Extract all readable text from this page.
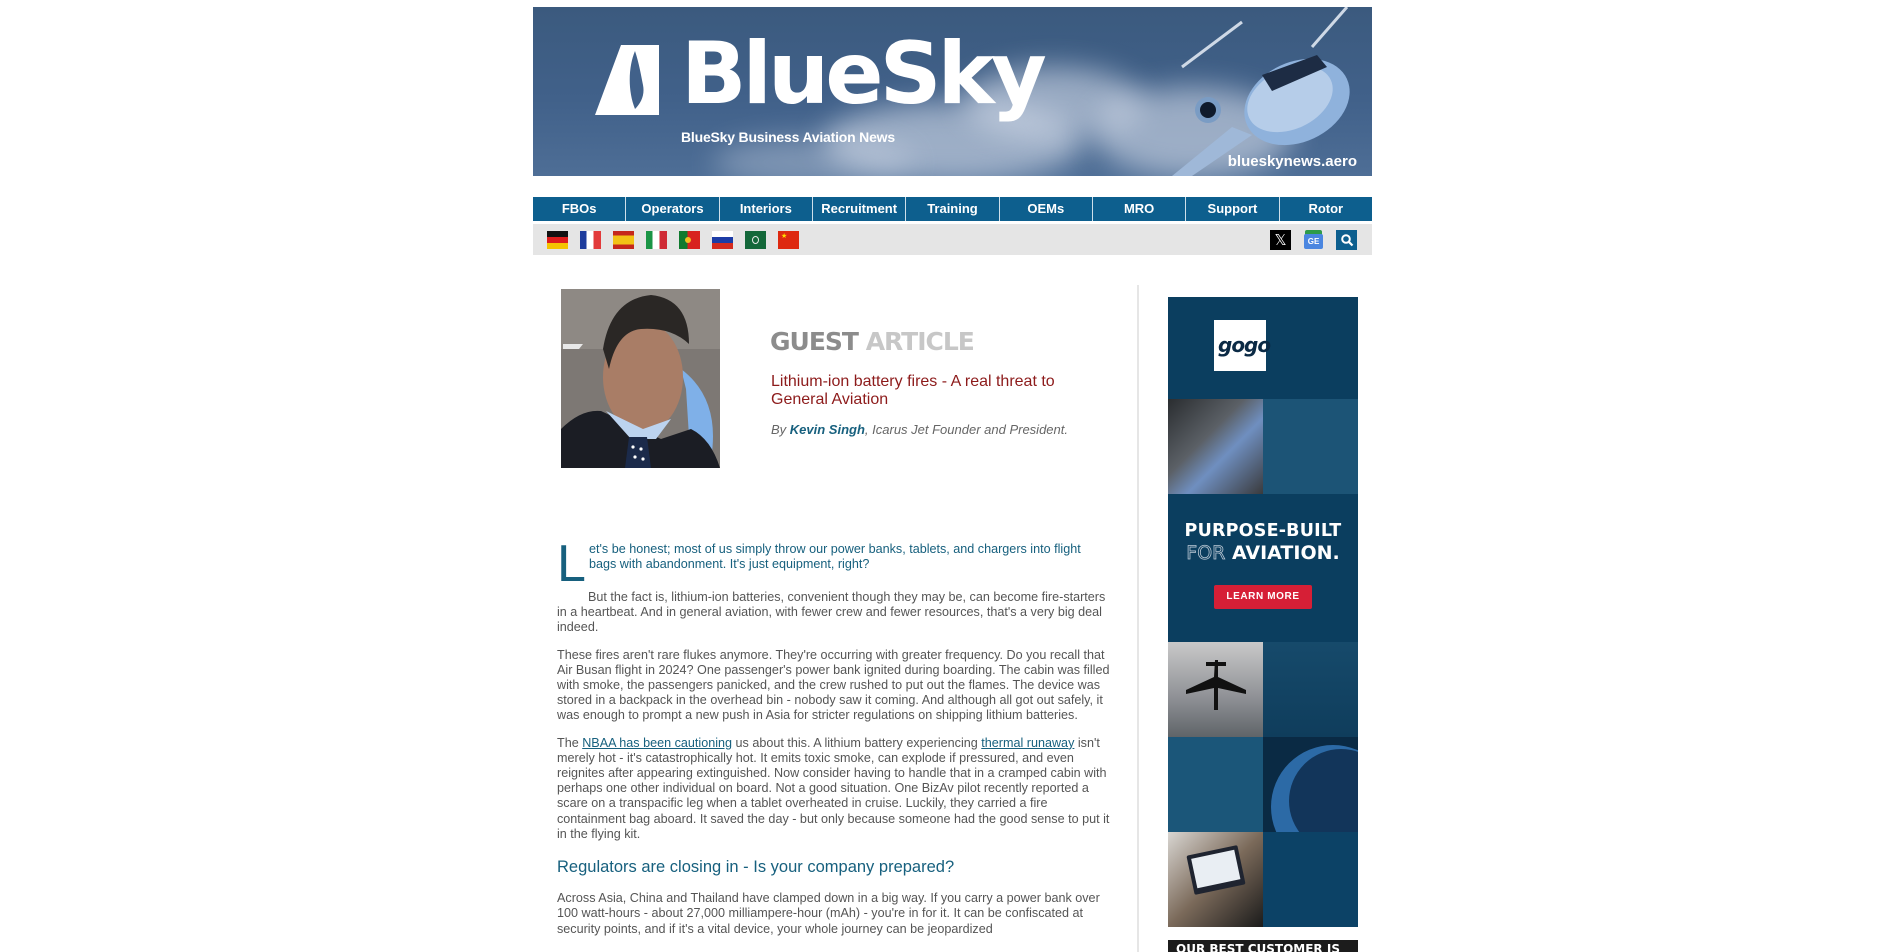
BlueSky
BlueSky Business Aviation News
blueskynews.aero
FBOs	Operators	Interiors	Recruitment	Training	OEMs	MRO	Support	Rotor
★	𝕏	GE
GUEST ARTICLE
Lithium-ion battery fires - A real threat to General Aviation
By Kevin Singh, Icarus Jet Founder and President.
L et's be honest; most of us simply throw our power banks, tablets, and chargers into flight bags with abandonment. It's just equipment, right?
But the fact is, lithium-ion batteries, convenient though they may be, can become fire-starters in a heartbeat. And in general aviation, with fewer crew and fewer resources, that's a very big deal indeed.
These fires aren't rare flukes anymore. They're occurring with greater frequency. Do you recall that Air Busan flight in 2024? One passenger's power bank ignited during boarding. The cabin was filled with smoke, the passengers panicked, and the crew rushed to put out the flames. The device was stored in a backpack in the overhead bin - nobody saw it coming. And although all got out safely, it was enough to prompt a new push in Asia for stricter regulations on shipping lithium batteries.
The NBAA has been cautioning us about this. A lithium battery experiencing thermal runaway isn't merely hot - it's catastrophically hot. It emits toxic smoke, can explode if pressured, and even reignites after appearing extinguished. Now consider having to handle that in a cramped cabin with perhaps one other individual on board. Not a good situation. One BizAv pilot recently reported a scare on a transpacific leg when a tablet overheated in cruise. Luckily, they carried a fire containment bag aboard. It saved the day - but only because someone had the good sense to put it in the flying kit.
Regulators are closing in - Is your company prepared?
Across Asia, China and Thailand have clamped down in a big way. If you carry a power bank over 100 watt-hours - about 27,000 milliampere-hour (mAh) - you're in for it. It can be confiscated at security points, and if it's a vital device, your whole journey can be jeopardized
gogo
PURPOSE-BUILT
FOR AVIATION.
LEARN MORE
OUR BEST CUSTOMER IS
